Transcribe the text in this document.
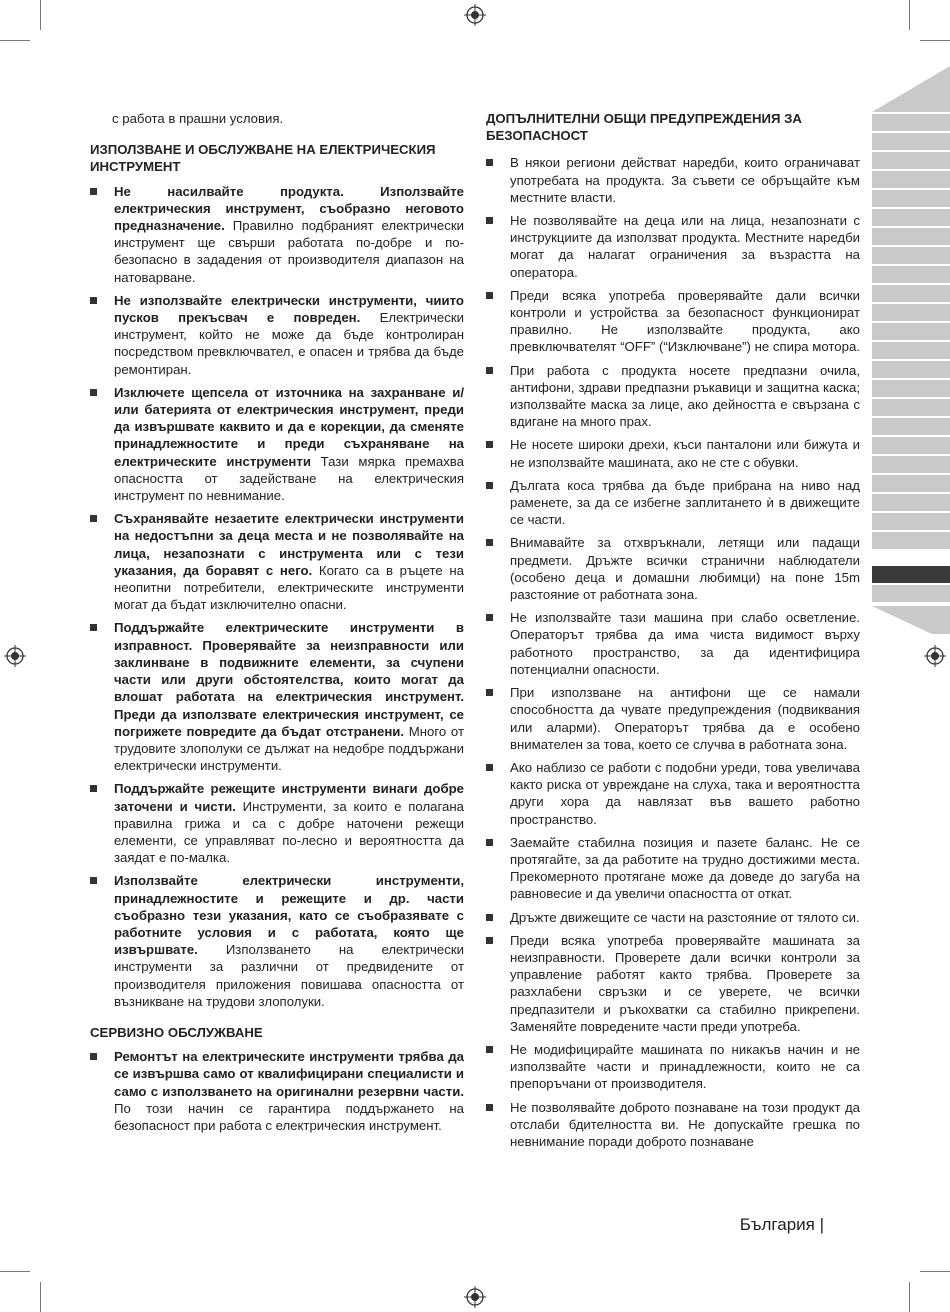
с работа в прашни условия.

ИЗПОЛЗВАНЕ И ОБСЛУЖВАНЕ НА ЕЛЕКТРИЧЕСКИЯ ИНСТРУМЕНТ
Не насилвайте продукта. Използвайте електрическия инструмент, съобразно неговото предназначение. Правилно подбраният електрически инструмент ще свърши работата по-добре и по-безопасно в зададения от производителя диапазон на натоварване.
Не използвайте електрически инструменти, чиито пусков прекъсвач е повреден. Електрически инструмент, който не може да бъде контролиран посредством превключвател, е опасен и трябва да бъде ремонтиран.
Изключете щепсела от източника на захранване и/или батерията от електрическия инструмент, преди да извършвате каквито и да е корекции, да сменяте принадлежностите и преди съхраняване на електрическите инструменти Тази мярка премахва опасността от задействане на електрическия инструмент по невнимание.
Съхранявайте незаетите електрически инструменти на недостъпни за деца места и не позволявайте на лица, незапознати с инструмента или с тези указания, да боравят с него. Когато са в ръцете на неопитни потребители, електрическите инструменти могат да бъдат изключително опасни.
Поддържайте електрическите инструменти в изправност. Проверявайте за неизправности или заклинване в подвижните елементи, за счупени части или други обстоятелства, които могат да влошат работата на електрическия инструмент. Преди да използвате електрическия инструмент, се погрижете повредите да бъдат отстранени. Много от трудовите злополуки се дължат на недобре поддържани електрически инструменти.
Поддържайте режещите инструменти винаги добре заточени и чисти. Инструменти, за които е полагана правилна грижа и са с добре наточени режещи елементи, се управляват по-лесно и вероятността да заядат е по-малка.
Използвайте електрически инструменти, принадлежностите и режещите и др. части съобразно тези указания, като се съобразявате с работните условия и с работата, която ще извършвате. Използването на електрически инструменти за различни от предвидените от производителя приложения повишава опасността от възникване на трудови злополуки.
СЕРВИЗНО ОБСЛУЖВАНЕ
Ремонтът на електрическите инструменти трябва да се извършва само от квалифицирани специалисти и само с използването на оригинални резервни части. По този начин се гарантира поддържането на безопасност при работа с електрическия инструмент.
ДОПЪЛНИТЕЛНИ ОБЩИ ПРЕДУПРЕЖДЕНИЯ ЗА БЕЗОПАСНОСТ
В някои региони действат наредби, които ограничават употребата на продукта. За съвети се обръщайте към местните власти.
Не позволявайте на деца или на лица, незапознати с инструкциите да използват продукта. Местните наредби могат да налагат ограничения за възрастта на оператора.
Преди всяка употреба проверявайте дали всички контроли и устройства за безопасност функционират правилно. Не използвайте продукта, ако превключвателят “OFF” (“Изключване”) не спира мотора.
При работа с продукта носете предпазни очила, антифони, здрави предпазни ръкавици и защитна каска; използвайте маска за лице, ако дейността е свързана с вдигане на много прах.
Не носете широки дрехи, къси панталони или бижута и не използвайте машината, ако не сте с обувки.
Дългата коса трябва да бъде прибрана на ниво над раменете, за да се избегне заплитането ѝ в движещите се части.
Внимавайте за отхвръкнали, летящи или падащи предмети. Дръжте всички странични наблюдатели (особено деца и домашни любимци) на поне 15m разстояние от работната зона.
Не използвайте тази машина при слабо осветление. Операторът трябва да има чиста видимост върху работното пространство, за да идентифицира потенциални опасности.
При използване на антифони ще се намали способността да чувате предупреждения (подвиквания или аларми). Операторът трябва да е особено внимателен за това, което се случва в работната зона.
Ако наблизо се работи с подобни уреди, това увеличава както риска от увреждане на слуха, така и вероятността други хора да навлязат във вашето работно пространство.
Заемайте стабилна позиция и пазете баланс. Не се протягайте, за да работите на трудно достижими места. Прекомерното протягане може да доведе до загуба на равновесие и да увеличи опасността от откат.
Дръжте движещите се части на разстояние от тялото си.
Преди всяка употреба проверявайте машината за неизправности. Проверете дали всички контроли за управление работят както трябва. Проверете за разхлабени свръзки и се уверете, че всички предпазители и ръкохватки са стабилно прикрепени. Заменяйте повредените части преди употреба.
Не модифицирайте машината по никакъв начин и не използвайте части и принадлежности, които не са препоръчани от производителя.
Не позволявайте доброто познаване на този продукт да отслаби бдителността ви. Не допускайте грешка по невнимание поради доброто познаване
България |
